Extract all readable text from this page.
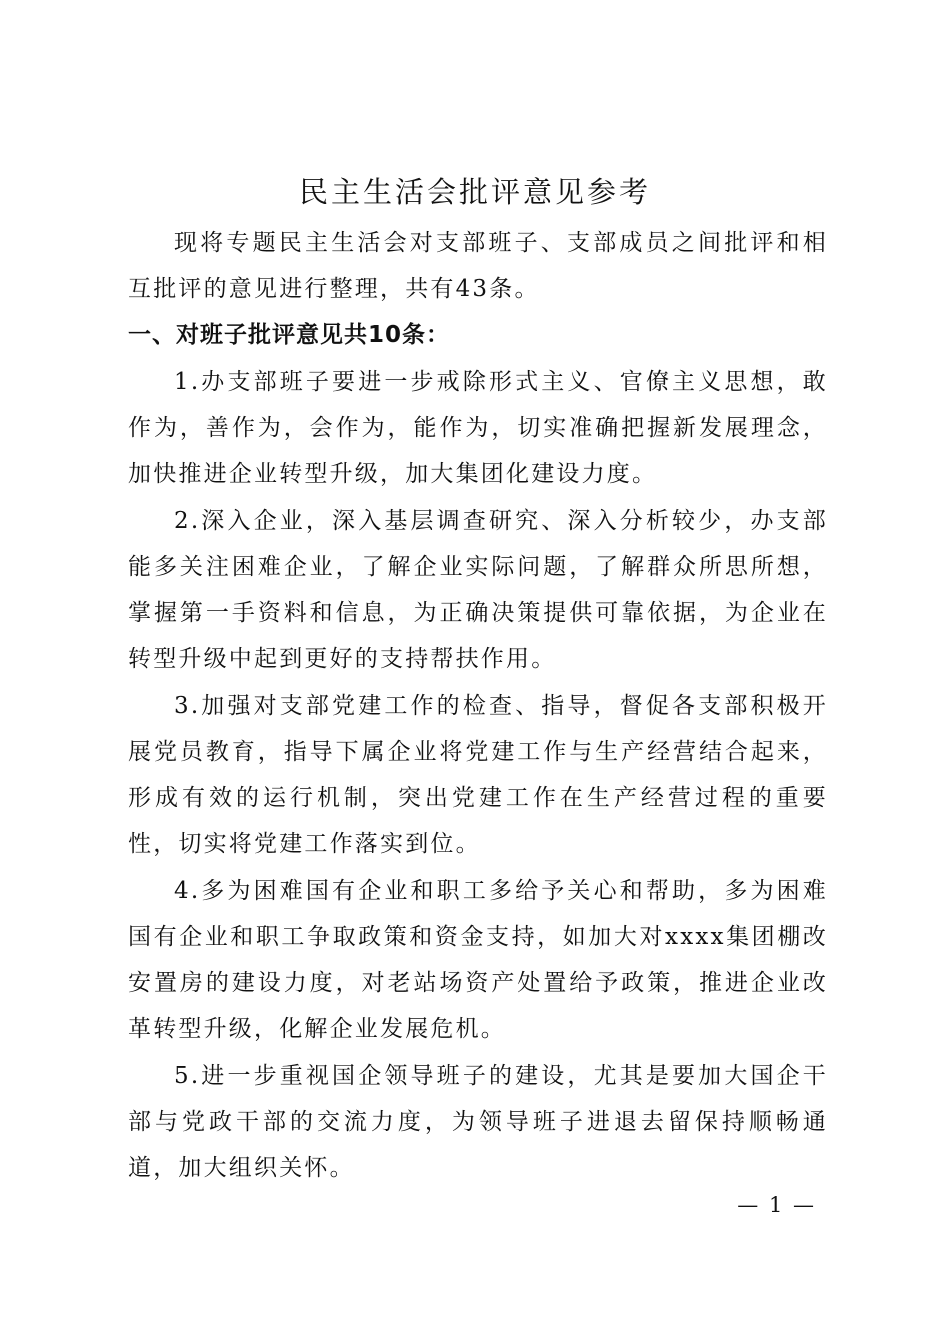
民主生活会批评意见参考

现将专题民主生活会对支部班子、支部成员之间批评和相互批评的意见进行整理，共有43条。

一、对班子批评意见共10条：

1.办支部班子要进一步戒除形式主义、官僚主义思想，敢作为，善作为，会作为，能作为，切实准确把握新发展理念，加快推进企业转型升级，加大集团化建设力度。

2.深入企业，深入基层调查研究、深入分析较少，办支部能多关注困难企业，了解企业实际问题，了解群众所思所想，掌握第一手资料和信息，为正确决策提供可靠依据，为企业在转型升级中起到更好的支持帮扶作用。

3.加强对支部党建工作的检查、指导，督促各支部积极开展党员教育，指导下属企业将党建工作与生产经营结合起来，形成有效的运行机制，突出党建工作在生产经营过程的重要性，切实将党建工作落实到位。

4.多为困难国有企业和职工多给予关心和帮助，多为困难国有企业和职工争取政策和资金支持，如加大对xxxx集团棚改安置房的建设力度，对老站场资产处置给予政策，推进企业改革转型升级，化解企业发展危机。

5.进一步重视国企领导班子的建设，尤其是要加大国企干部与党政干部的交流力度，为领导班子进退去留保持顺畅通道，加大组织关怀。

— 1 —
